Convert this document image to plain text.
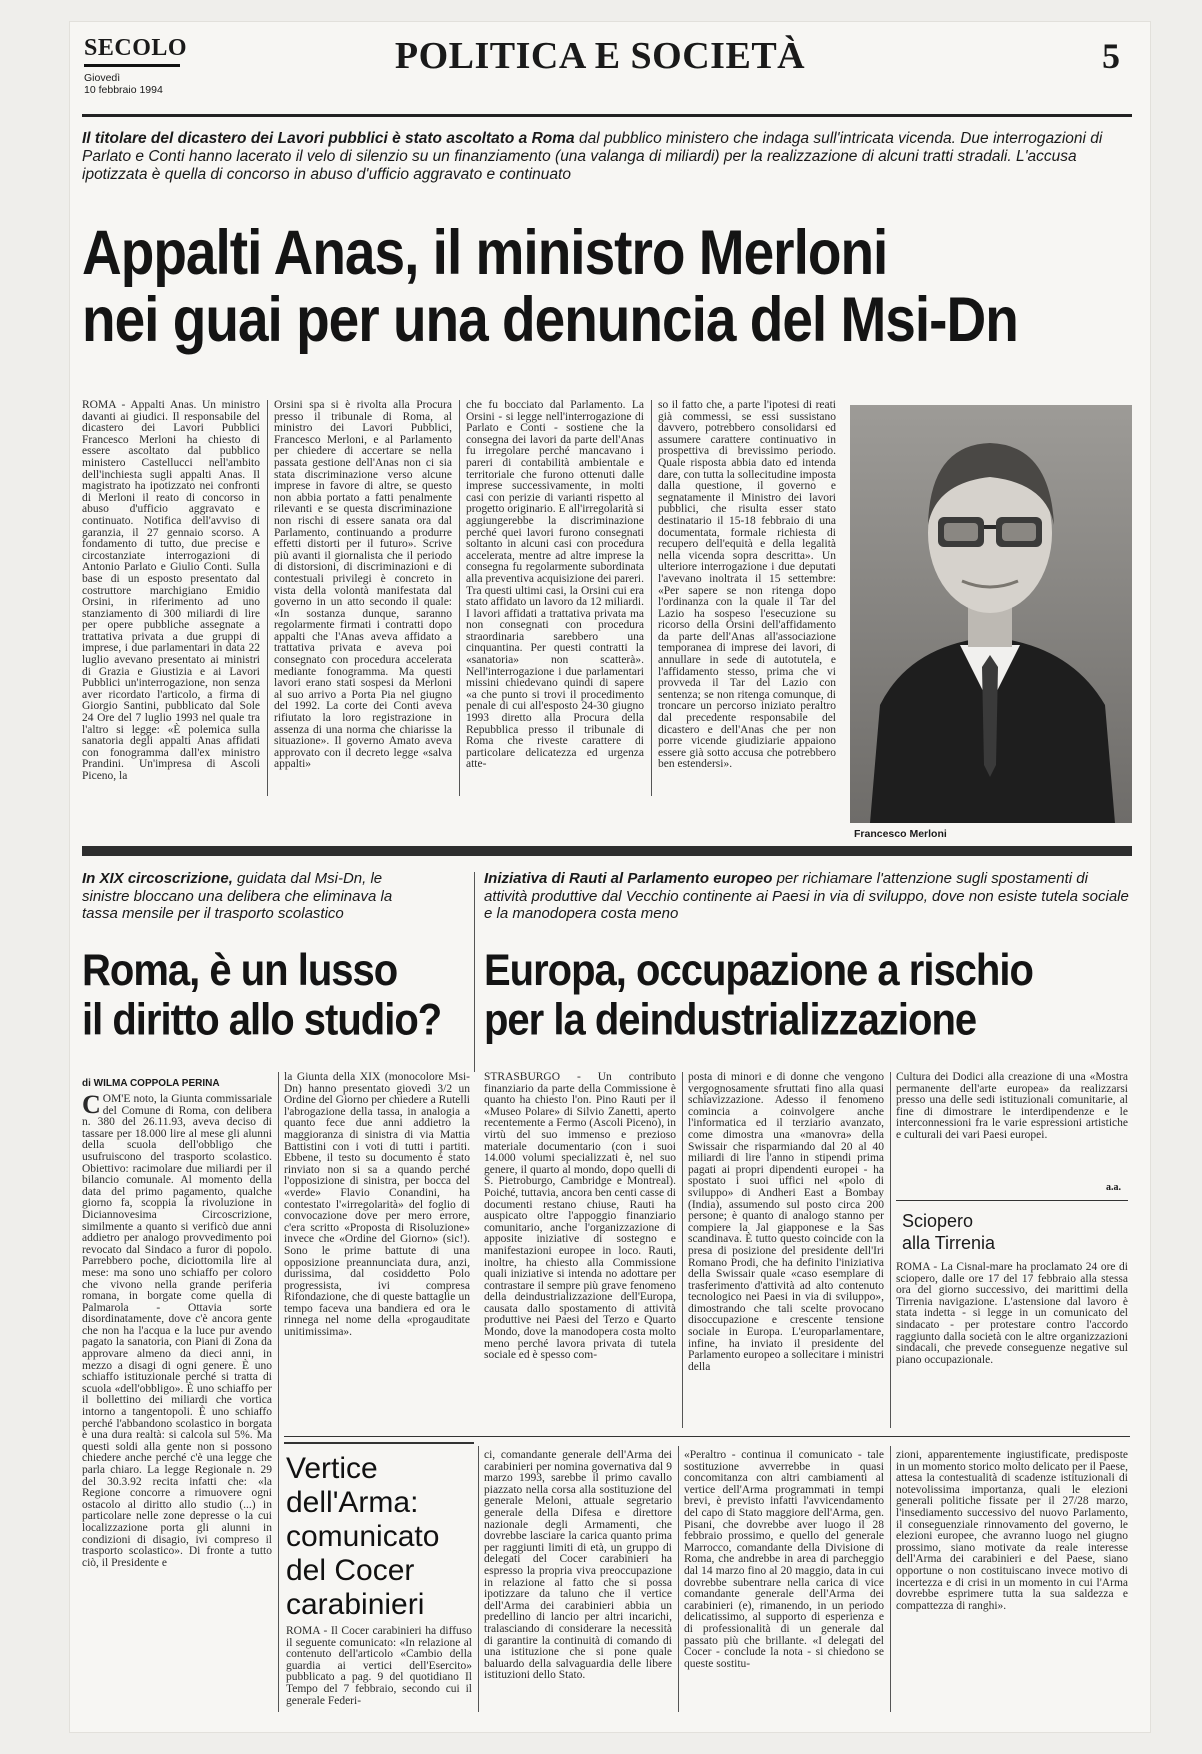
SECOLO
Giovedì
10 febbraio 1994
POLITICA E SOCIETÀ	5
Il titolare del dicastero dei Lavori pubblici è stato ascoltato a Roma dal pubblico ministero che indaga sull'intricata vicenda. Due interrogazioni di Parlato e Conti hanno lacerato il velo di silenzio su un finanziamento (una valanga di miliardi) per la realizzazione di alcuni tratti stradali. L'accusa ipotizzata è quella di concorso in abuso d'ufficio aggravato e continuato
Appalti Anas, il ministro Merloni
nei guai per una denuncia del Msi-Dn

ROMA - Appalti Anas. Un ministro davanti ai giudici. Il responsabile del dicastero dei Lavori Pubblici Francesco Merloni ha chiesto di essere ascoltato dal pubblico ministero Castellucci nell'ambito dell'inchiesta sugli appalti Anas. Il magistrato ha ipotizzato nei confronti di Merloni il reato di concorso in abuso d'ufficio aggravato e continuato. Notifica dell'avviso di garanzia, il 27 gennaio scorso. A fondamento di tutto, due precise e circostanziate interrogazioni di Antonio Parlato e Giulio Conti. Sulla base di un esposto presentato dal costruttore marchigiano Emidio Orsini, in riferimento ad uno stanziamento di 300 miliardi di lire per opere pubbliche assegnate a trattativa privata a due gruppi di imprese, i due parlamentari in data 22 luglio avevano presentato ai ministri di Grazia e Giustizia e ai Lavori Pubblici un'interrogazione, non senza aver ricordato l'articolo, a firma di Giorgio Santini, pubblicato dal Sole 24 Ore del 7 luglio 1993 nel quale tra l'altro si legge: «È polemica sulla sanatoria degli appalti Anas affidati con fonogramma dall'ex ministro Prandini. Un'impresa di Ascoli Piceno, la

Orsini spa si è rivolta alla Procura presso il tribunale di Roma, al ministro dei Lavori Pubblici, Francesco Merloni, e al Parlamento per chiedere di accertare se nella passata gestione dell'Anas non ci sia stata discriminazione verso alcune imprese in favore di altre, se questo non abbia portato a fatti penalmente rilevanti e se questa discriminazione non rischi di essere sanata ora dal Parlamento, continuando a produrre effetti distorti per il futuro». Scrive più avanti il giornalista che il periodo di distorsioni, di discriminazioni e di contestuali privilegi è concreto in vista della volontà manifestata dal governo in un atto secondo il quale: «In sostanza dunque, saranno regolarmente firmati i contratti dopo appalti che l'Anas aveva affidato a trattativa privata e aveva poi consegnato con procedura accelerata mediante fonogramma. Ma questi lavori erano stati sospesi da Merloni al suo arrivo a Porta Pia nel giugno del 1992. La corte dei Conti aveva rifiutato la loro registrazione in assenza di una norma che chiarisse la situazione». Il governo Amato aveva approvato con il decreto legge «salva appalti»

che fu bocciato dal Parlamento. La Orsini - si legge nell'interrogazione di Parlato e Conti - sostiene che la consegna dei lavori da parte dell'Anas fu irregolare perché mancavano i pareri di contabilità ambientale e territoriale che furono ottenuti dalle imprese successivamente, in molti casi con perizie di varianti rispetto al progetto originario. E all'irregolarità si aggiungerebbe la discriminazione perché quei lavori furono consegnati soltanto in alcuni casi con procedura accelerata, mentre ad altre imprese la consegna fu regolarmente subordinata alla preventiva acquisizione dei pareri. Tra questi ultimi casi, la Orsini cui era stato affidato un lavoro da 12 miliardi. I lavori affidati a trattativa privata ma non consegnati con procedura straordinaria sarebbero una cinquantina. Per questi contratti la «sanatoria» non scatterà». Nell'interrogazione i due parlamentari missini chiedevano quindi di sapere «a che punto si trovi il procedimento penale di cui all'esposto 24-30 giugno 1993 diretto alla Procura della Repubblica presso il tribunale di Roma che riveste carattere di particolare delicatezza ed urgenza atte-

so il fatto che, a parte l'ipotesi di reati già commessi, se essi sussistano davvero, potrebbero consolidarsi ed assumere carattere continuativo in prospettiva di brevissimo periodo. Quale risposta abbia dato ed intenda dare, con tutta la sollecitudine imposta dalla questione, il governo e segnatamente il Ministro dei lavori pubblici, che risulta esser stato destinatario il 15-18 febbraio di una documentata, formale richiesta di recupero dell'equità e della legalità nella vicenda sopra descritta». Un ulteriore interrogazione i due deputati l'avevano inoltrata il 15 settembre: «Per sapere se non ritenga dopo l'ordinanza con la quale il Tar del Lazio ha sospeso l'esecuzione su ricorso della Orsini dell'affidamento da parte dell'Anas all'associazione temporanea di imprese dei lavori, di annullare in sede di autotutela, e l'affidamento stesso, prima che vi provveda il Tar del Lazio con sentenza; se non ritenga comunque, di troncare un percorso iniziato peraltro dal precedente responsabile del dicastero e dell'Anas che per non porre vicende giudiziarie appaiono essere già sotto accusa che potrebbero ben estendersi».

Francesco Merloni
In XIX circoscrizione, guidata dal Msi-Dn, le sinistre bloccano una delibera che eliminava la tassa mensile per il trasporto scolastico
Roma, è un lusso
il diritto allo studio?
di WILMA COPPOLA PERINA
C OM'È noto, la Giunta commissariale del Comune di Roma, con delibera n. 380 del 26.11.93, aveva deciso di tassare per 18.000 lire al mese gli alunni della scuola dell'obbligo che usufruiscono del trasporto scolastico. Obiettivo: racimolare due miliardi per il bilancio comunale. Al momento della data del primo pagamento, qualche giorno fa, scoppia la rivoluzione in Diciannovesima Circoscrizione, similmente a quanto si verificò due anni addietro per analogo provvedimento poi revocato dal Sindaco a furor di popolo. Parrebbero poche, diciottomila lire al mese: ma sono uno schiaffo per coloro che vivono nella grande periferia romana, in borgate come quella di Palmarola - Ottavia sorte disordinatamente, dove c'è ancora gente che non ha l'acqua e la luce pur avendo pagato la sanatoria, con Piani di Zona da approvare almeno da dieci anni, in mezzo a disagi di ogni genere. È uno schiaffo istituzionale perché si tratta di scuola «dell'obbligo». È uno schiaffo per il bollettino dei miliardi che vortica intorno a tangentopoli. È uno schiaffo perché l'abbandono scolastico in borgata è una dura realtà: si calcola sul 5%. Ma questi soldi alla gente non si possono chiedere anche perché c'è una legge che parla chiaro. La legge Regionale n. 29 del 30.3.92 recita infatti che: «la Regione concorre a rimuovere ogni ostacolo al diritto allo studio (...) in particolare nelle zone depresse o la cui localizzazione porta gli alunni in condizioni di disagio, ivi compreso il trasporto scolastico». Di fronte a tutto ciò, il Presidente e

la Giunta della XIX (monocolore Msi-Dn) hanno presentato giovedì 3/2 un Ordine del Giorno per chiedere a Rutelli l'abrogazione della tassa, in analogia a quanto fece due anni addietro la maggioranza di sinistra di via Mattia Battistini con i voti di tutti i partiti. Ebbene, il testo su documento è stato rinviato non si sa a quando perché l'opposizione di sinistra, per bocca del «verde» Flavio Conandini, ha contestato l'«irregolarità» del foglio di convocazione dove per mero errore, c'era scritto «Proposta di Risoluzione» invece che «Ordine del Giorno» (sic!). Sono le prime battute di una opposizione preannunciata dura, anzi, durissima, dal cosiddetto Polo progressista, ivi compresa Rifondazione, che di queste battaglie un tempo faceva una bandiera ed ora le rinnega nel nome della «progauditate unitimissima».

Vertice
dell'Arma:
comunicato
del Cocer
carabinieri

ROMA - Il Cocer carabinieri ha diffuso il seguente comunicato: «In relazione al contenuto dell'articolo «Cambio della guardia ai vertici dell'Esercito» pubblicato a pag. 9 del quotidiano Il Tempo del 7 febbraio, secondo cui il generale Federi-

ci, comandante generale dell'Arma dei carabinieri per nomina governativa dal 9 marzo 1993, sarebbe il primo cavallo piazzato nella corsa alla sostituzione del generale Meloni, attuale segretario generale della Difesa e direttore nazionale degli Armamenti, che dovrebbe lasciare la carica quanto prima per raggiunti limiti di età, un gruppo di delegati del Cocer carabinieri ha espresso la propria viva preoccupazione in relazione al fatto che si possa ipotizzare da taluno che il vertice dell'Arma dei carabinieri abbia un predellino di lancio per altri incarichi, tralasciando di considerare la necessità di garantire la continuità di comando di una istituzione che si pone quale baluardo della salvaguardia delle libere istituzioni dello Stato.

«Peraltro - continua il comunicato - tale sostituzione avverrebbe in quasi concomitanza con altri cambiamenti al vertice dell'Arma programmati in tempi brevi, è previsto infatti l'avvicendamento del capo di Stato maggiore dell'Arma, gen. Pisani, che dovrebbe aver luogo il 28 febbraio prossimo, e quello del generale Marrocco, comandante della Divisione di Roma, che andrebbe in area di parcheggio dal 14 marzo fino al 20 maggio, data in cui dovrebbe subentrare nella carica di vice comandante generale dell'Arma dei carabinieri (e), rimanendo, in un periodo delicatissimo, al supporto di esperienza e di professionalità di un generale dal passato più che brillante. «I delegati del Cocer - conclude la nota - si chiedono se queste sostitu-

zioni, apparentemente ingiustificate, predisposte in un momento storico molto delicato per il Paese, attesa la contestualità di scadenze istituzionali di notevolissima importanza, quali le elezioni generali politiche fissate per il 27/28 marzo, l'insediamento successivo del nuovo Parlamento, il conseguenziale rinnovamento del governo, le elezioni europee, che avranno luogo nel giugno prossimo, siano motivate da reale interesse dell'Arma dei carabinieri e del Paese, siano opportune o non costituiscano invece motivo di incertezza e di crisi in un momento in cui l'Arma dovrebbe esprimere tutta la sua saldezza e compattezza di ranghi».

Iniziativa di Rauti al Parlamento europeo per richiamare l'attenzione sugli spostamenti di attività produttive dal Vecchio continente ai Paesi in via di sviluppo, dove non esiste tutela sociale e la manodopera costa meno
Europa, occupazione a rischio
per la deindustrializzazione

STRASBURGO - Un contributo finanziario da parte della Commissione è quanto ha chiesto l'on. Pino Rauti per il «Museo Polare» di Silvio Zanetti, aperto recentemente a Fermo (Ascoli Piceno), in virtù del suo immenso e prezioso materiale documentario (con i suoi 14.000 volumi specializzati è, nel suo genere, il quarto al mondo, dopo quelli di S. Pietroburgo, Cambridge e Montreal). Poiché, tuttavia, ancora ben centi casse di documenti restano chiuse, Rauti ha auspicato oltre l'appoggio finanziario comunitario, anche l'organizzazione di apposite iniziative di sostegno e manifestazioni europee in loco. Rauti, inoltre, ha chiesto alla Commissione quali iniziative si intenda no adottare per contrastare il sempre più grave fenomeno della deindustrializzazione dell'Europa, causata dallo spostamento di attività produttive nei Paesi del Terzo e Quarto Mondo, dove la manodopera costa molto meno perché lavora privata di tutela sociale ed è spesso com-

posta di minori e di donne che vengono vergognosamente sfruttati fino alla quasi schiavizzazione. Adesso il fenomeno comincia a coinvolgere anche l'informatica ed il terziario avanzato, come dimostra una «manovra» della Swissair che risparmiando dal 20 al 40 miliardi di lire l'anno in stipendi prima pagati ai propri dipendenti europei - ha spostato i suoi uffici nel «polo di sviluppo» di Andheri East a Bombay (India), assumendo sul posto circa 200 persone; è quanto di analogo stanno per compiere la Jal giapponese e la Sas scandinava. È tutto questo coincide con la presa di posizione del presidente dell'Iri Romano Prodi, che ha definito l'iniziativa della Swissair quale «caso esemplare di trasferimento d'attività ad alto contenuto tecnologico nei Paesi in via di sviluppo», dimostrando che tali scelte provocano disoccupazione e crescente tensione sociale in Europa. L'europarlamentare, infine, ha inviato il presidente del Parlamento europeo a sollecitare i ministri della

Cultura dei Dodici alla creazione di una «Mostra permanente dell'arte europea» da realizzarsi presso una delle sedi istituzionali comunitarie, al fine di dimostrare le interdipendenze e le interconnessioni fra le varie espressioni artistiche e culturali dei vari Paesi europei.

a.a.
Sciopero
alla Tirrenia

ROMA - La Cisnal-mare ha proclamato 24 ore di sciopero, dalle ore 17 del 17 febbraio alla stessa ora del giorno successivo, dei marittimi della Tirrenia navigazione. L'astensione dal lavoro è stata indetta - si legge in un comunicato del sindacato - per protestare contro l'accordo raggiunto dalla società con le altre organizzazioni sindacali, che prevede conseguenze negative sul piano occupazionale.
